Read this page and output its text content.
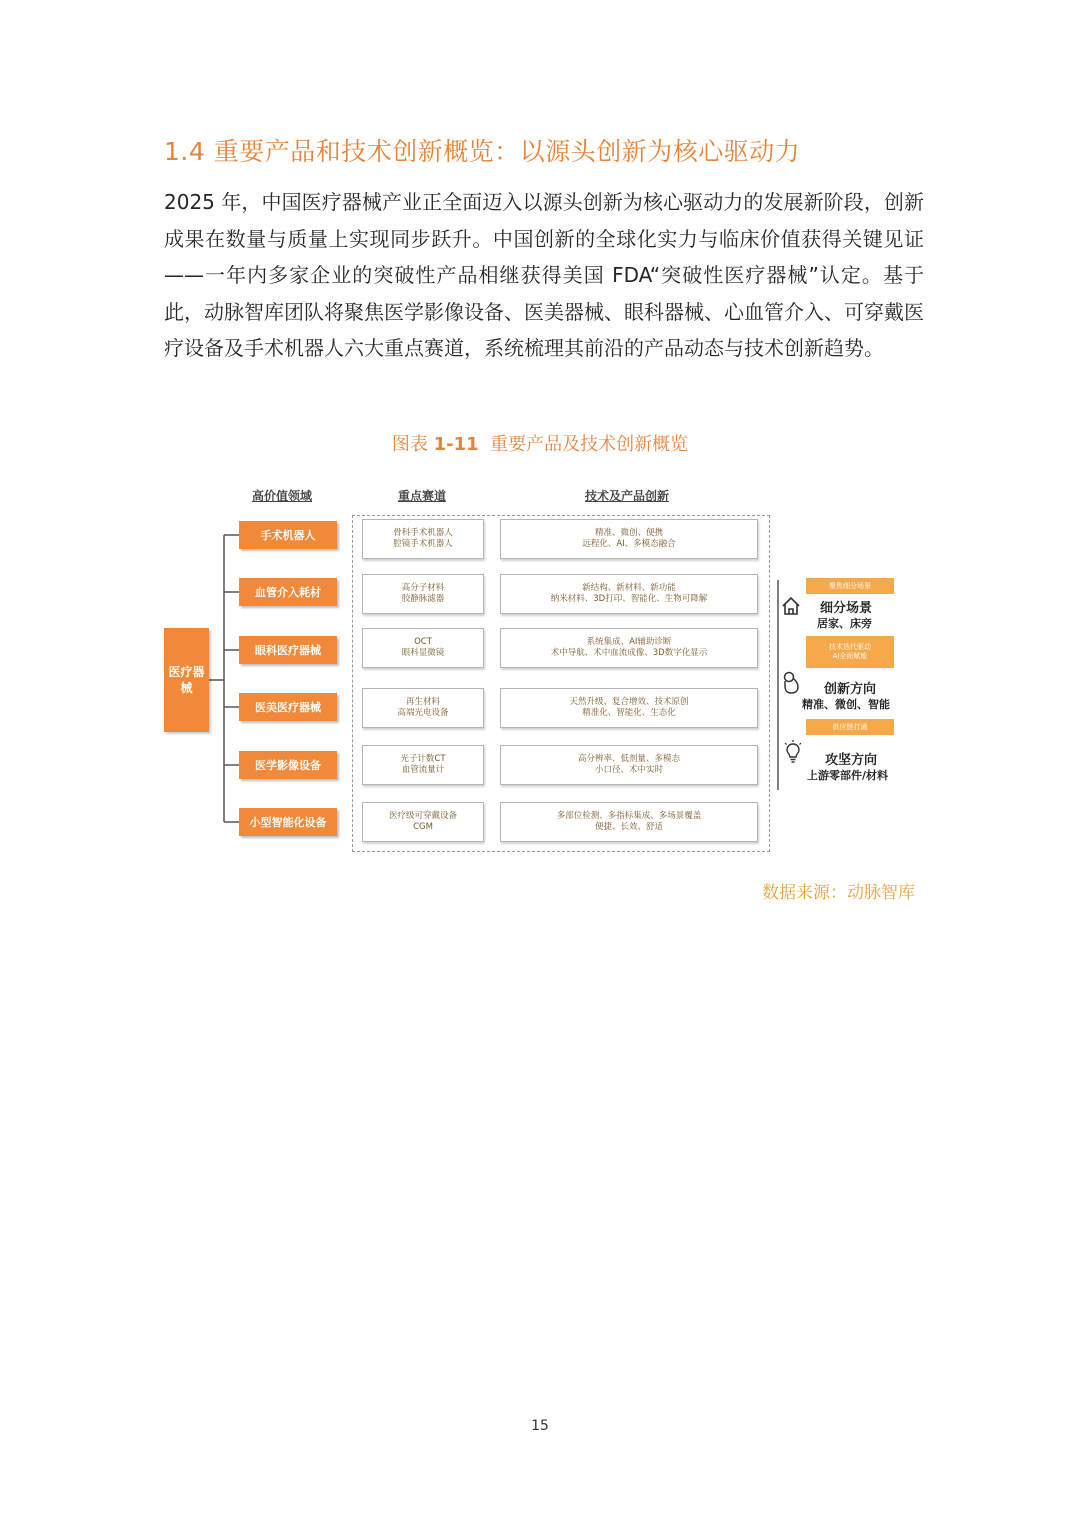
1.4 重要产品和技术创新概览：以源头创新为核心驱动力
2025 年，中国医疗器械产业正全面迈入以源头创新为核心驱动力的发展新阶段，创新成果在数量与质量上实现同步跃升。中国创新的全球化实力与临床价值获得关键见证——一年内多家企业的突破性产品相继获得美国 FDA“突破性医疗器械”认定。基于此，动脉智库团队将聚焦医学影像设备、医美器械、眼科器械、心血管介入、可穿戴医疗设备及手术机器人六大重点赛道，系统梳理其前沿的产品动态与技术创新趋势。
图表 1-11 重要产品及技术创新概览
高价值领域	重点赛道	技术及产品创新
医疗器械
手术机器人
血管介入耗材
眼科医疗器械
医美医疗器械
医学影像设备
小型智能化设备
骨科手术机器人
腔镜手术机器人
精准、微创、便携
远程化、AI、多模态融合
高分子材料
胶静脉滤器
新结构、新材料、新功能
纳米材料、3D打印、智能化、生物可降解
OCT
眼科显微镜
系统集成、AI辅助诊断
术中导航、术中血流成像、3D数字化显示
再生材料
高端光电设备
天然升级、复合增效、技术原创
精准化、智能化、生态化
光子计数CT
血管流量计
高分辨率、低剂量、多模态
小口径、术中实时
医疗级可穿戴设备
CGM
多部位检测、多指标集成、多场景覆盖
便捷、长效、舒适
聚焦细分场景
细分场景
居家、床旁
技术迭代驱动
AI全面赋能
创新方向
精准、微创、智能
供应链打通
攻坚方向
上游零部件/材料
数据来源：动脉智库
15
